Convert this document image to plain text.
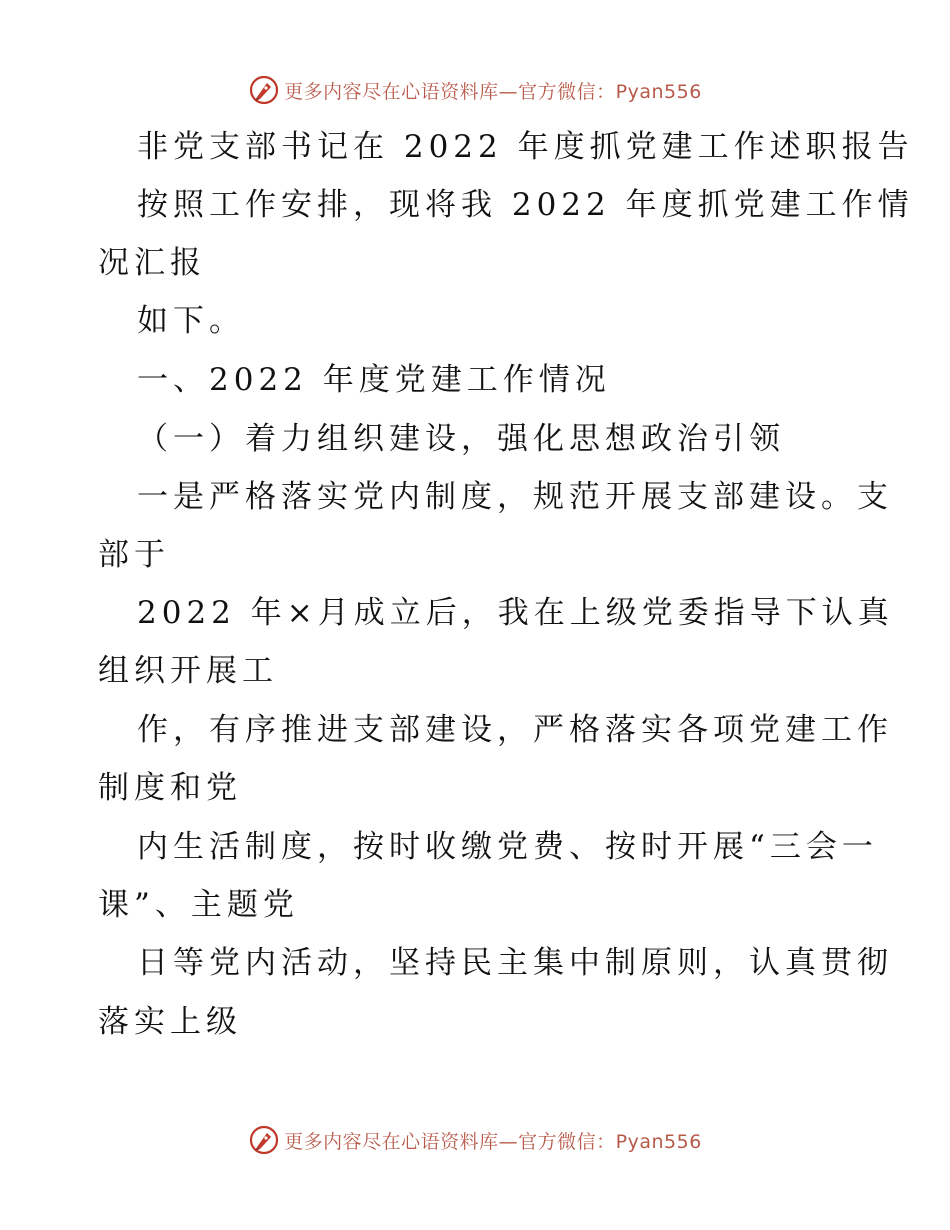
更多内容尽在心语资料库—官方微信：Pyan556
非党支部书记在 2022 年度抓党建工作述职报告
按照工作安排，现将我 2022 年度抓党建工作情
况汇报
如下。
一、2022 年度党建工作情况
（一）着力组织建设，强化思想政治引领
一是严格落实党内制度，规范开展支部建设。支
部于
2022 年×月成立后，我在上级党委指导下认真
组织开展工
作，有序推进支部建设，严格落实各项党建工作
制度和党
内生活制度，按时收缴党费、按时开展“三会一
课”、主题党
日等党内活动，坚持民主集中制原则，认真贯彻
落实上级
更多内容尽在心语资料库—官方微信：Pyan556
